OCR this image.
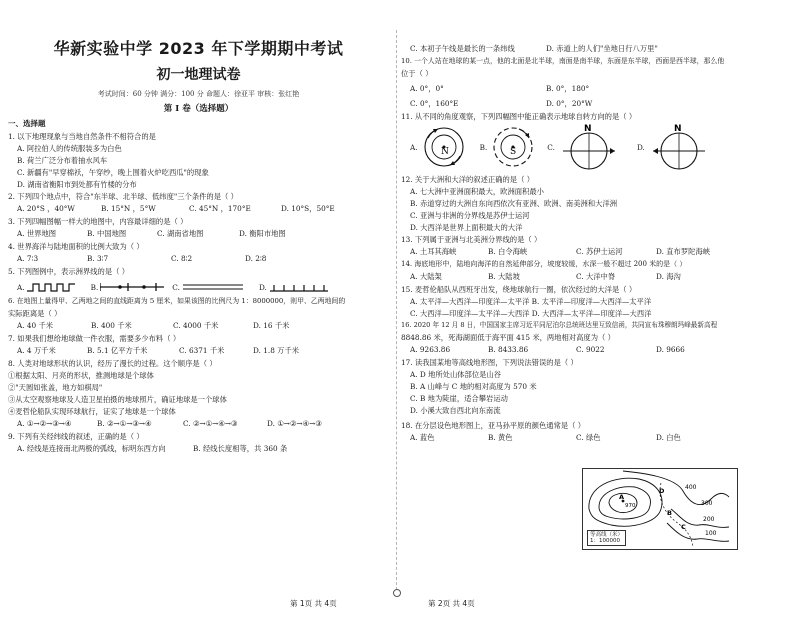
华新实验中学 2023 年下学期期中考试
初一地理试卷
考试时间：60 分钟 满分：100 分 命题人：徐亚平 审核：张红艳
第 I 卷（选择题）
一、选择题
1. 以下地理现象与当地自然条件不相符合的是
A. 阿拉伯人的传统服装多为白色
B. 荷兰广泛分布着抽水风车
C. 新疆有"早穿棉袄，午穿纱，晚上围着火炉吃西瓜"的现象
D. 湖南省衡阳市到处都有竹楼的分布
2. 下列四个地点中，符合"东半球、北半球、低纬度"三个条件的是（ ）
A. 20°S ，40°W	B. 15°N ，5°W	C. 45°N ，170°E	D. 10°S，50°E
3. 下列四幅图幅一样大的地图中，内容最详细的是（ ）
A. 世界地图	B. 中国地图	C. 湖南省地图	D. 衡阳市地图
4. 世界海洋与陆地面积的比例大致为（ ）
A. 7∶3	B. 3∶7	C. 8∶2	D. 2∶8
5. 下列图例中，表示洲界线的是（ ）
A.	B.	C.	D.
6. 在地图上量得甲、乙两地之间的直线距离为 5 厘米，如果该图的比例尺为 1：8000000，则甲、乙两地间的
实际距离是（ ）
A. 40 千米	B. 400 千米	C. 4000 千米	D. 16 千米
7. 如果我们想给地球做一件衣服，需要多少布料（ ）
A. 4 万千米	B. 5.1 亿平方千米	C. 6371 千米	D. 1.8 万千米
8. 人类对地球形状的认识，经历了漫长的过程。这个顺序是（ ）
①根据太阳、月亮的形状，推测地球是个球体
②"天圆如张盖，地方如棋局"
③从太空观察地球及人造卫星拍摄的地球照片，确证地球是一个球体
④麦哲伦船队实现环球航行，证实了地球是一个球体
A. ①→②→③→④	B. ②→①→③→④	C. ②→①→④→③	D. ①→②→④→③
9. 下列有关经纬线的叙述，正确的是（ ）
A. 经线是连接南北两极的弧线，标明东西方向	B. 经线长度相等，共 360 条
C. 本初子午线是最长的一条纬线	D. 赤道上的人们"坐地日行八万里"
10. 一个人站在地球的某一点，他的北面是北半球，南面是南半球，东面是东半球，西面是西半球，那么他
位于（ ）
A. 0°，0°	B. 0°，180°
C. 0°，160°E	D. 0°，20°W
11. 从不同的角度观察，下列四幅图中能正确表示地球自转方向的是（ ）
A.	N	B.	S	C.
N
D.
N
12. 关于大洲和大洋的叙述正确的是（ ）
A. 七大洲中亚洲面积最大，欧洲面积最小
B. 赤道穿过的大洲自东向西依次有亚洲、欧洲、南美洲和大洋洲
C. 亚洲与非洲的分界线是苏伊士运河
D. 大西洋是世界上面积最大的大洋
13. 下列属于亚洲与北美洲分界线的是（ ）
A. 土耳其海峡	B. 白令海峡	C. 苏伊士运河	D. 直布罗陀海峡
14. 海底地形中，陆地向海洋的自然延伸部分，坡度较缓，水深一般不超过 200 米的是（ ）
A. 大陆架	B. 大陆坡	C. 大洋中脊	D. 海沟
15. 麦哲伦船队从西班牙出发，绕地球航行一圈，依次经过的大洋是（ ）
A. 太平洋—大西洋—印度洋—太平洋 B. 太平洋—印度洋—大西洋—太平洋
C. 大西洋—印度洋—太平洋—大西洋 D. 大西洋—太平洋—印度洋—大西洋
16. 2020 年 12 月 8 日，中国国家主席习近平同尼泊尔总统班达里互致信函，共同宣布珠穆朗玛峰最新高程
8848.86 米，死海湖面低于海平面 415 米，两地相对高度为（ ）
A. 9263.86	B. 8433.86	C. 9022	D. 9666
17. 读我国某地等高线地形图，下列说法错误的是（ ）
A. D 地所处山体部位是山谷
B. A 山峰与 C 地的相对高度为 570 米
C. B 地为陡崖，适合攀岩运动
D. 小溪大致自西北向东南流
18. 在分层设色地形图上，亚马孙平原的颜色通常是（ ）
A. 蓝色	B. 黄色	C. 绿色	D. 白色
400
300
200
100
A
B
C
D
970
等高线（米）
1：100000
第 1页 共 4页	第 2页 共 4页
